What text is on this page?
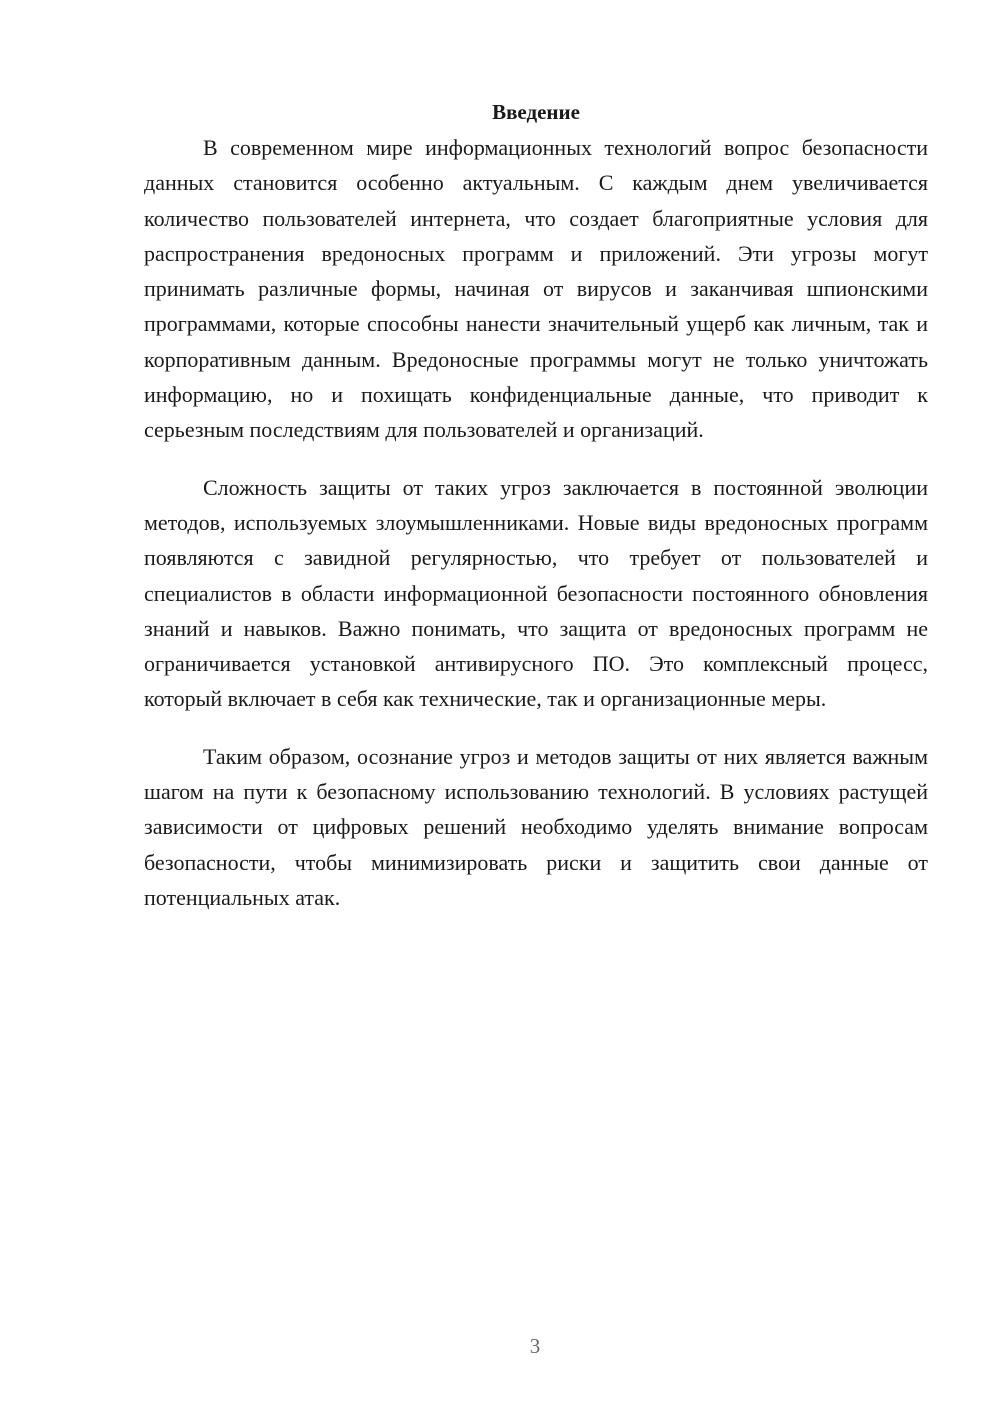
Введение

В современном мире информационных технологий вопрос безопасности данных становится особенно актуальным. С каждым днем увеличивается количество пользователей интернета, что создает благоприятные условия для распространения вредоносных программ и приложений. Эти угрозы могут принимать различные формы, начиная от вирусов и заканчивая шпионскими программами, которые способны нанести значительный ущерб как личным, так и корпоративным данным. Вредоносные программы могут не только уничтожать информацию, но и похищать конфиденциальные данные, что приводит к серьезным последствиям для пользователей и организаций.

Сложность защиты от таких угроз заключается в постоянной эволюции методов, используемых злоумышленниками. Новые виды вредоносных программ появляются с завидной регулярностью, что требует от пользователей и специалистов в области информационной безопасности постоянного обновления знаний и навыков. Важно понимать, что защита от вредоносных программ не ограничивается установкой антивирусного ПО. Это комплексный процесс, который включает в себя как технические, так и организационные меры.

Таким образом, осознание угроз и методов защиты от них является важным шагом на пути к безопасному использованию технологий. В условиях растущей зависимости от цифровых решений необходимо уделять внимание вопросам безопасности, чтобы минимизировать риски и защитить свои данные от потенциальных атак.

3
